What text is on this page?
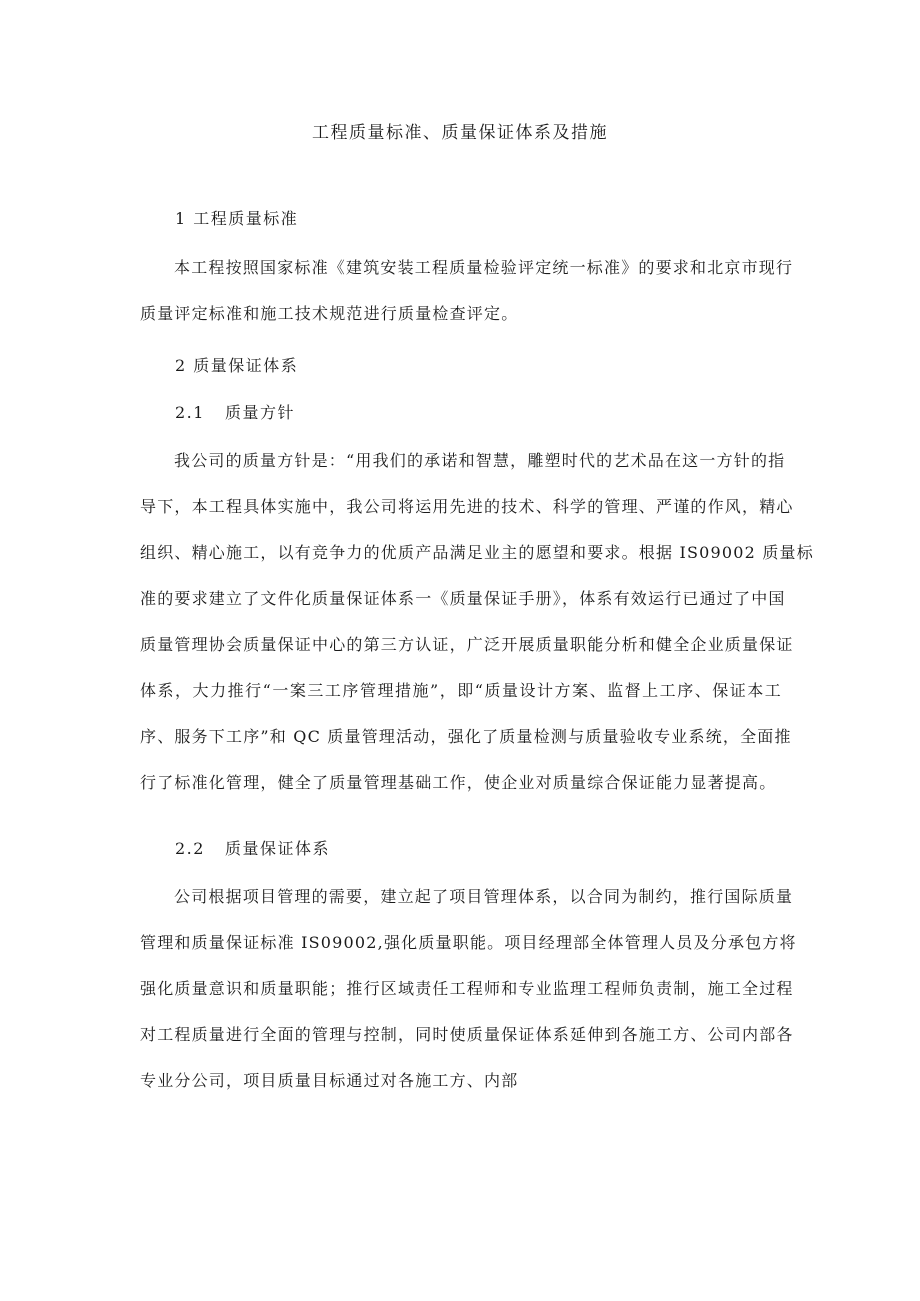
工程质量标准、质量保证体系及措施
1 工程质量标准
本工程按照国家标准《建筑安装工程质量检验评定统一标准》的要求和北京市现行
质量评定标准和施工技术规范进行质量检查评定。
2 质量保证体系
2.1 质量方针
我公司的质量方针是：“用我们的承诺和智慧，雕塑时代的艺术品在这一方针的指
导下，本工程具体实施中，我公司将运用先进的技术、科学的管理、严谨的作风，精心
组织、精心施工，以有竞争力的优质产品满足业主的愿望和要求。根据 IS09002 质量标
准的要求建立了文件化质量保证体系一《质量保证手册》，体系有效运行已通过了中国
质量管理协会质量保证中心的第三方认证，广泛开展质量职能分析和健全企业质量保证
体系，大力推行“一案三工序管理措施”，即“质量设计方案、监督上工序、保证本工
序、服务下工序”和 QC 质量管理活动，强化了质量检测与质量验收专业系统，全面推
行了标准化管理，健全了质量管理基础工作，使企业对质量综合保证能力显著提高。
2.2 质量保证体系
公司根据项目管理的需要，建立起了项目管理体系，以合同为制约，推行国际质量
管理和质量保证标准 IS09002,强化质量职能。项目经理部全体管理人员及分承包方将
强化质量意识和质量职能；推行区域责任工程师和专业监理工程师负责制，施工全过程
对工程质量进行全面的管理与控制，同时使质量保证体系延伸到各施工方、公司内部各
专业分公司，项目质量目标通过对各施工方、内部
